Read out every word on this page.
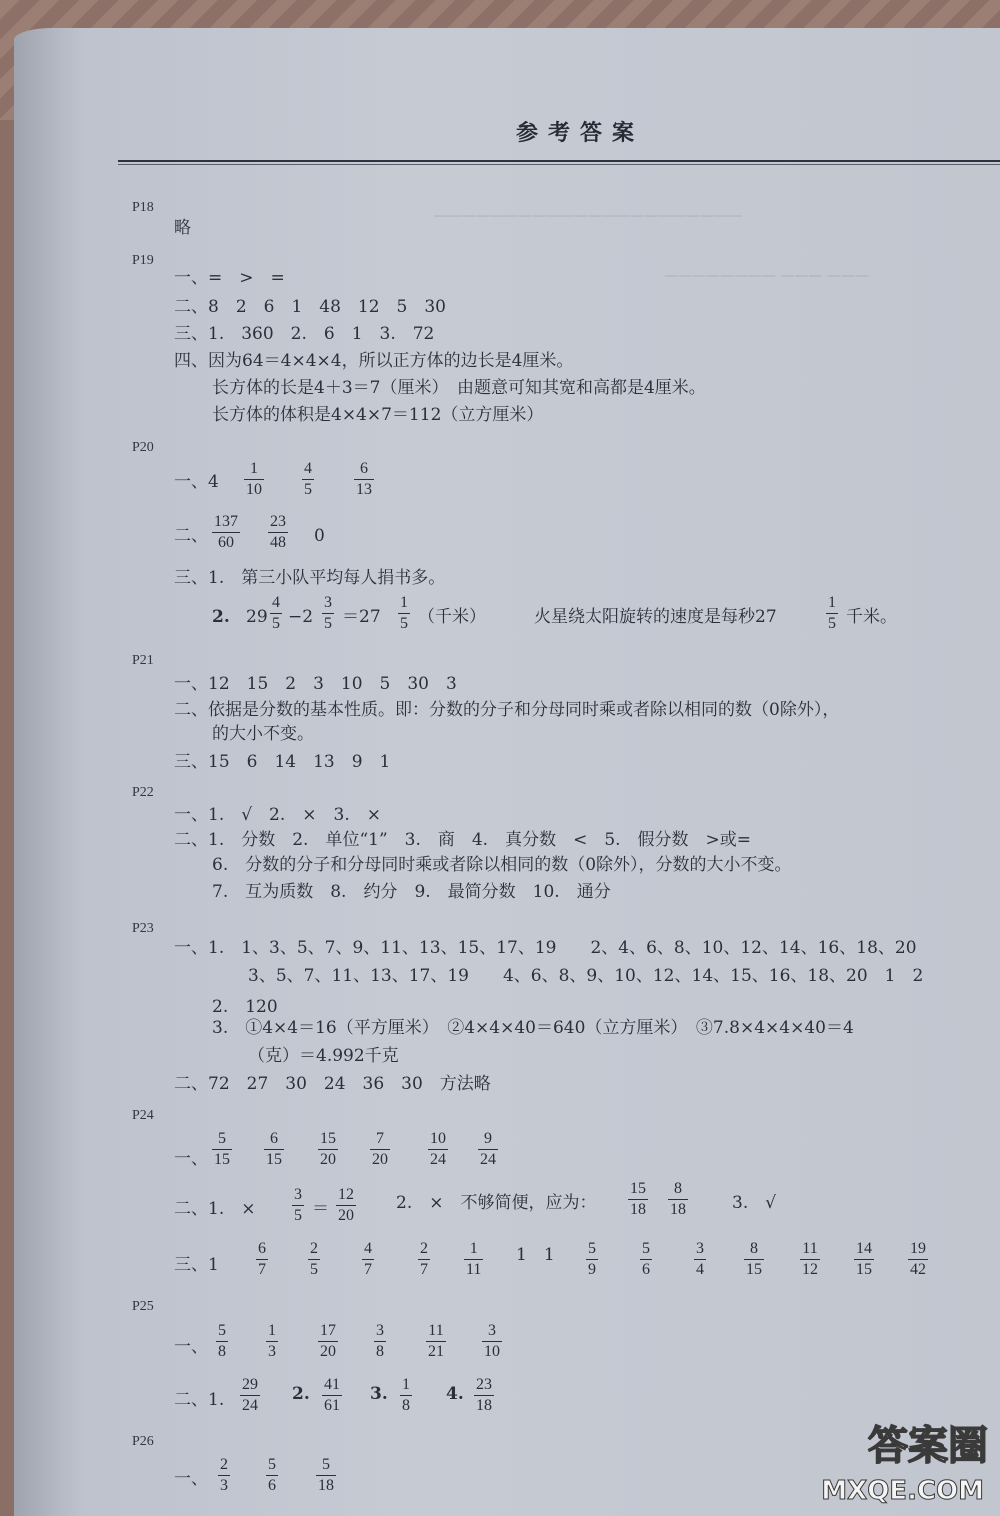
——————————————————————
———————— ——— ———
参考答案
P18
略
P19
一、=　>　=
二、8　2　6　1　48　12　5　30
三、1.　360　2.　6　1　3.　72
四、因为64＝4×4×4，所以正方体的边长是4厘米。
长方体的长是4＋3＝7（厘米）　由题意可知其宽和高都是4厘米。
长方体的体积是4×4×7＝112（立方厘米）
P20
一、4
1
10
4
5
6
13
二、
137
60
23
48 0
三、1.　第三小队平均每人捐书多。
2. 29
4
5 −2
3
5 ＝27
1
5 （千米）	火星绕太阳旋转的速度是每秒27
1
5 千米。
P21
一、12　15　2　3　10　5　30　3
二、依据是分数的基本性质。即：分数的分子和分母同时乘或者除以相同的数（0除外），
的大小不变。
三、15　6　14　13　9　1
P22
一、1.　√　2.　×　3.　×
二、1.　分数　2.　单位“1”　3.　商　4.　真分数　<　5.　假分数　>或=
6.　分数的分子和分母同时乘或者除以相同的数（0除外），分数的大小不变。
7.　互为质数　8.　约分　9.　最简分数　10.　通分
P23
一、1.　1、3、5、7、9、11、13、15、17、19　　2、4、6、8、10、12、14、16、18、20
3、5、7、11、13、17、19　　4、6、8、9、10、12、14、15、16、18、20　1　2
2.　120
3.　①4×4＝16（平方厘米）　②4×4×40＝640（立方厘米）　③7.8×4×4×40＝4
（克）＝4.992千克
二、72　27　30　24　36　30　方法略
P24
一、
5
15
6
15
15
20
7
20
10
24
9
24
二、1.　×
3
5 ＝
12
20
2.　×　不够简便，应为：
15
18
8
18	3.　√
三、1
6
7
2
5
4
7
2
7
1
11
1　1 5
9
5
6
3
4
8
15
11
12
14
15
19
42
P25
一、
5
8
1
3
17
20
3
8
11
21
3
10
二、1.
29
24
2. 41
61
3. 1
8
4. 23
18
P26
一、
2
3
5
6
5
18
答案圈
MXQE.COM
